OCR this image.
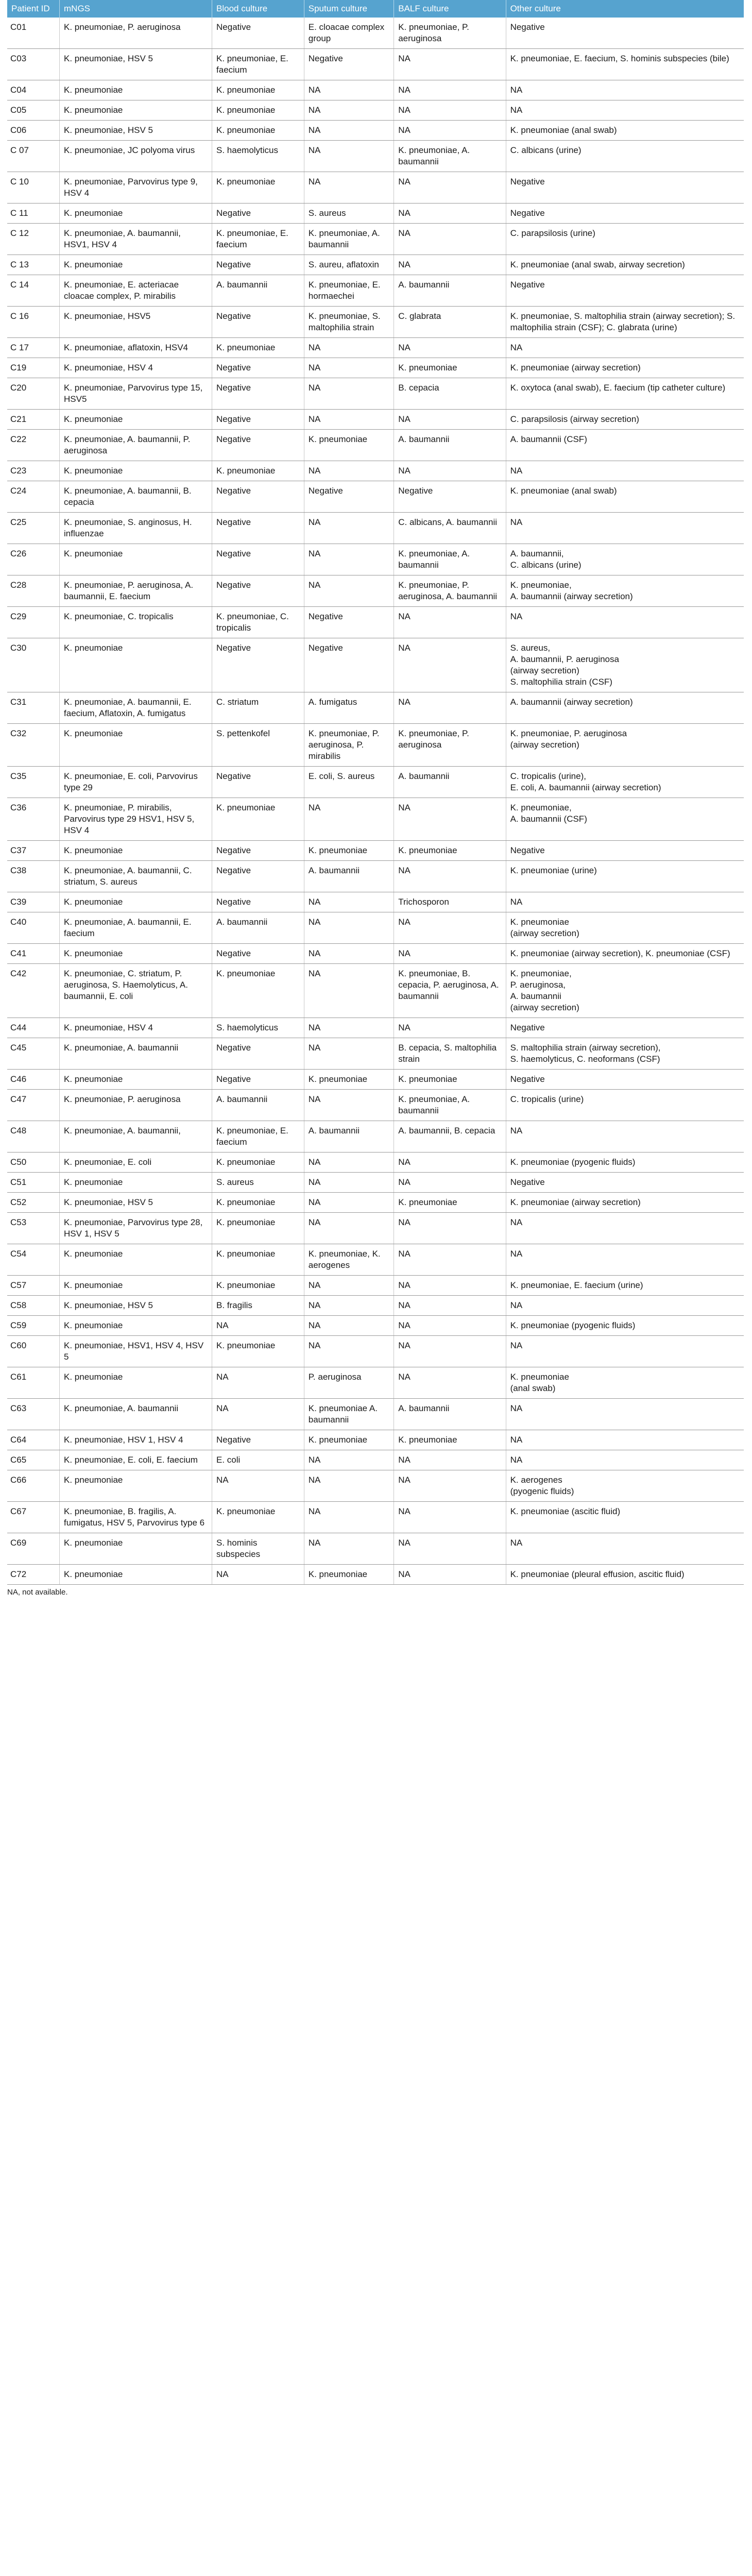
Patient ID	mNGS	Blood culture	Sputum culture	BALF culture	Other culture
C01	K. pneumoniae, P. aeruginosa	Negative	E. cloacae complex group	K. pneumoniae, P. aeruginosa	Negative

C03	K. pneumoniae, HSV 5	K. pneumoniae, E. faecium	Negative	NA	K. pneumoniae, E. faecium, S. hominis subspecies (bile)

C04	K. pneumoniae	K. pneumoniae	NA	NA	NA

C05	K. pneumoniae	K. pneumoniae	NA	NA	NA

C06	K. pneumoniae, HSV 5	K. pneumoniae	NA	NA	K. pneumoniae (anal swab)

C 07	K. pneumoniae, JC polyoma virus	S. haemolyticus	NA	K. pneumoniae, A. baumannii	C. albicans (urine)

C 10	K. pneumoniae, Parvovirus type 9, HSV 4	K. pneumoniae	NA	NA	Negative

C 11	K. pneumoniae	Negative	S. aureus	NA	Negative

C 12	K. pneumoniae, A. baumannii, HSV1, HSV 4	K. pneumoniae, E. faecium	K. pneumoniae, A. baumannii	NA	C. parapsilosis (urine)

C 13	K. pneumoniae	Negative	S. aureu, aflatoxin	NA	K. pneumoniae (anal swab, airway secretion)

C 14	K. pneumoniae, E. acteriacae cloacae complex, P. mirabilis	A. baumannii	K. pneumoniae, E. hormaechei	A. baumannii	Negative

C 16	K. pneumoniae, HSV5	Negative	K. pneumoniae, S. maltophilia strain	C. glabrata	K. pneumoniae, S. maltophilia strain (airway secretion); S. maltophilia strain (CSF); C. glabrata (urine)

C 17	K. pneumoniae, aflatoxin, HSV4	K. pneumoniae	NA	NA	NA

C19	K. pneumoniae, HSV 4	Negative	NA	K. pneumoniae	K. pneumoniae (airway secretion)

C20	K. pneumoniae, Parvovirus type 15, HSV5	Negative	NA	B. cepacia	K. oxytoca (anal swab), E. faecium (tip catheter culture)

C21	K. pneumoniae	Negative	NA	NA	C. parapsilosis (airway secretion)

C22	K. pneumoniae, A. baumannii, P. aeruginosa	Negative	K. pneumoniae	A. baumannii	A. baumannii (CSF)

C23	K. pneumoniae	K. pneumoniae	NA	NA	NA

C24	K. pneumoniae, A. baumannii, B. cepacia	Negative	Negative	Negative	K. pneumoniae (anal swab)

C25	K. pneumoniae, S. anginosus, H. influenzae	Negative	NA	C. albicans, A. baumannii	NA

C26	K. pneumoniae	Negative	NA	K. pneumoniae, A. baumannii	A. baumannii,
C. albicans (urine)

C28	K. pneumoniae, P. aeruginosa, A. baumannii, E. faecium	Negative	NA	K. pneumoniae, P. aeruginosa, A. baumannii	K. pneumoniae,
A. baumannii (airway secretion)

C29	K. pneumoniae, C. tropicalis	K. pneumoniae, C. tropicalis	Negative	NA	NA

C30	K. pneumoniae	Negative	Negative	NA	S. aureus,
A. baumannii, P. aeruginosa
(airway secretion)
S. maltophilia strain (CSF)

C31	K. pneumoniae, A. baumannii, E. faecium, Aflatoxin, A. fumigatus	C. striatum	A. fumigatus	NA	A. baumannii (airway secretion)

C32	K. pneumoniae	S. pettenkofel	K. pneumoniae, P. aeruginosa, P. mirabilis	K. pneumoniae, P. aeruginosa	K. pneumoniae, P. aeruginosa
(airway secretion)

C35	K. pneumoniae, E. coli, Parvovirus type 29	Negative	E. coli, S. aureus	A. baumannii	C. tropicalis (urine),
E. coli, A. baumannii (airway secretion)

C36	K. pneumoniae, P. mirabilis, Parvovirus type 29 HSV1, HSV 5, HSV 4	K. pneumoniae	NA	NA	K. pneumoniae,
A. baumannii (CSF)

C37	K. pneumoniae	Negative	K. pneumoniae	K. pneumoniae	Negative

C38	K. pneumoniae, A. baumannii, C. striatum, S. aureus	Negative	A. baumannii	NA	K. pneumoniae (urine)

C39	K. pneumoniae	Negative	NA	Trichosporon	NA

C40	K. pneumoniae, A. baumannii, E. faecium	A. baumannii	NA	NA	K. pneumoniae
(airway secretion)

C41	K. pneumoniae	Negative	NA	NA	K. pneumoniae (airway secretion), K. pneumoniae (CSF)

C42	K. pneumoniae, C. striatum, P. aeruginosa, S. Haemolyticus, A. baumannii, E. coli	K. pneumoniae	NA	K. pneumoniae, B. cepacia, P. aeruginosa, A. baumannii	K. pneumoniae,
P. aeruginosa,
A. baumannii
(airway secretion)

C44	K. pneumoniae, HSV 4	S. haemolyticus	NA	NA	Negative

C45	K. pneumoniae, A. baumannii	Negative	NA	B. cepacia, S. maltophilia strain	S. maltophilia strain (airway secretion),
S. haemolyticus, C. neoformans (CSF)

C46	K. pneumoniae	Negative	K. pneumoniae	K. pneumoniae	Negative

C47	K. pneumoniae, P. aeruginosa	A. baumannii	NA	K. pneumoniae, A. baumannii	C. tropicalis (urine)

C48	K. pneumoniae, A. baumannii,	K. pneumoniae, E. faecium	A. baumannii	A. baumannii, B. cepacia	NA

C50	K. pneumoniae, E. coli	K. pneumoniae	NA	NA	K. pneumoniae (pyogenic fluids)

C51	K. pneumoniae	S. aureus	NA	NA	Negative

C52	K. pneumoniae, HSV 5	K. pneumoniae	NA	K. pneumoniae	K. pneumoniae (airway secretion)

C53	K. pneumoniae, Parvovirus type 28, HSV 1, HSV 5	K. pneumoniae	NA	NA	NA

C54	K. pneumoniae	K. pneumoniae	K. pneumoniae, K. aerogenes	NA	NA

C57	K. pneumoniae	K. pneumoniae	NA	NA	K. pneumoniae, E. faecium (urine)

C58	K. pneumoniae, HSV 5	B. fragilis	NA	NA	NA

C59	K. pneumoniae	NA	NA	NA	K. pneumoniae (pyogenic fluids)

C60	K. pneumoniae, HSV1, HSV 4, HSV 5	K. pneumoniae	NA	NA	NA

C61	K. pneumoniae	NA	P. aeruginosa	NA	K. pneumoniae
(anal swab)

C63	K. pneumoniae, A. baumannii	NA	K. pneumoniae A. baumannii	A. baumannii	NA

C64	K. pneumoniae, HSV 1, HSV 4	Negative	K. pneumoniae	K. pneumoniae	NA

C65	K. pneumoniae, E. coli, E. faecium	E. coli	NA	NA	NA

C66	K. pneumoniae	NA	NA	NA	K. aerogenes
(pyogenic fluids)

C67	K. pneumoniae, B. fragilis, A. fumigatus, HSV 5, Parvovirus type 6	K. pneumoniae	NA	NA	K. pneumoniae (ascitic fluid)

C69	K. pneumoniae	S. hominis subspecies	NA	NA	NA

C72	K. pneumoniae	NA	K. pneumoniae	NA	K. pneumoniae (pleural effusion, ascitic fluid)
NA, not available.
